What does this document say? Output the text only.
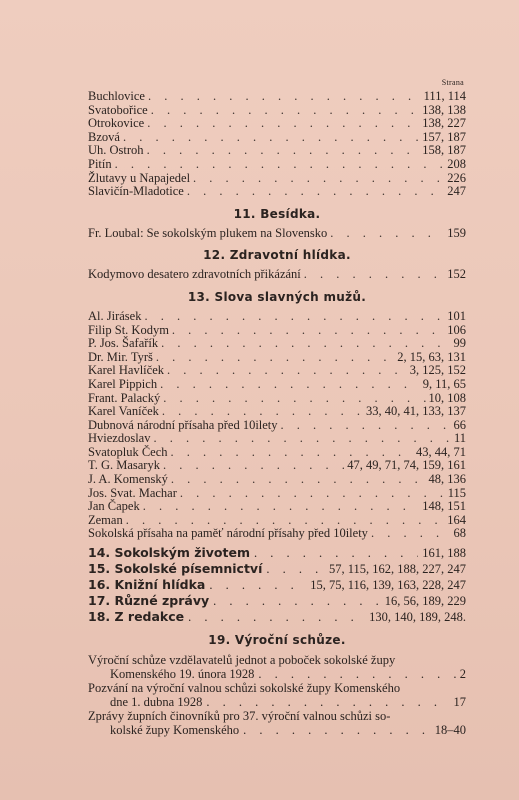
Strana
Buchlovice . . .	111, 114
Svatobořice . . .	138, 138
Otrokovice . . .	138, 227
Bzová . . .	157, 187
Uh. Ostroh . . .	158, 187
Pitín . . .	208
Žlutavy u Napajedel . . .	226
Slavičín-Mladotice . . .	247
11. Besídka.
Fr. Loubal: Se sokolským plukem na Slovensko . . .	159
12. Zdravotní hlídka.
Kodymovo desatero zdravotních přikázání . . .	152
13. Slova slavných mužů.
Al. Jirásek . . .	101
Filip St. Kodym . . .	106
P. Jos. Šafařík . . .	99
Dr. Mir. Tyrš . . .	2, 15, 63, 131
Karel Havlíček . . .	3, 125, 152
Karel Pippich . . .	9, 11, 65
Frant. Palacký . . .	10, 108
Karel Vaníček . . .	33, 40, 41, 133, 137
Dubnová národní přísaha před 10ilety . . .	66
Hviezdoslav . . .	11
Svatopluk Čech . . .	43, 44, 71
T. G. Masaryk . . .	47, 49, 71, 74, 159, 161
J. A. Komenský . . .	48, 136
Jos. Svat. Machar . . .	115
Jan Čapek . . .	148, 151
Zeman . . .	164
Sokolská přísaha na paměť národní přísahy před 10ilety . . .	68
14. Sokolským životem . . .	161, 188
15. Sokolské písemnictví . . .	57, 115, 162, 188, 227, 247
16. Knižní hlídka . . .	15, 75, 116, 139, 163, 228, 247
17. Různé zprávy . . .	16, 56, 189, 229
18. Z redakce . . .	130, 140, 189, 248.
19. Výroční schůze.
Výroční schůze vzdělavatelů jednot a poboček sokolské župy
Komenského 19. února 1928 . . .	2
Pozvání na výroční valnou schůzi sokolské župy Komenského
dne 1. dubna 1928 . . .	17
Zprávy župních činovníků pro 37. výroční valnou schůzi so-
kolské župy Komenského . . .	18–40
